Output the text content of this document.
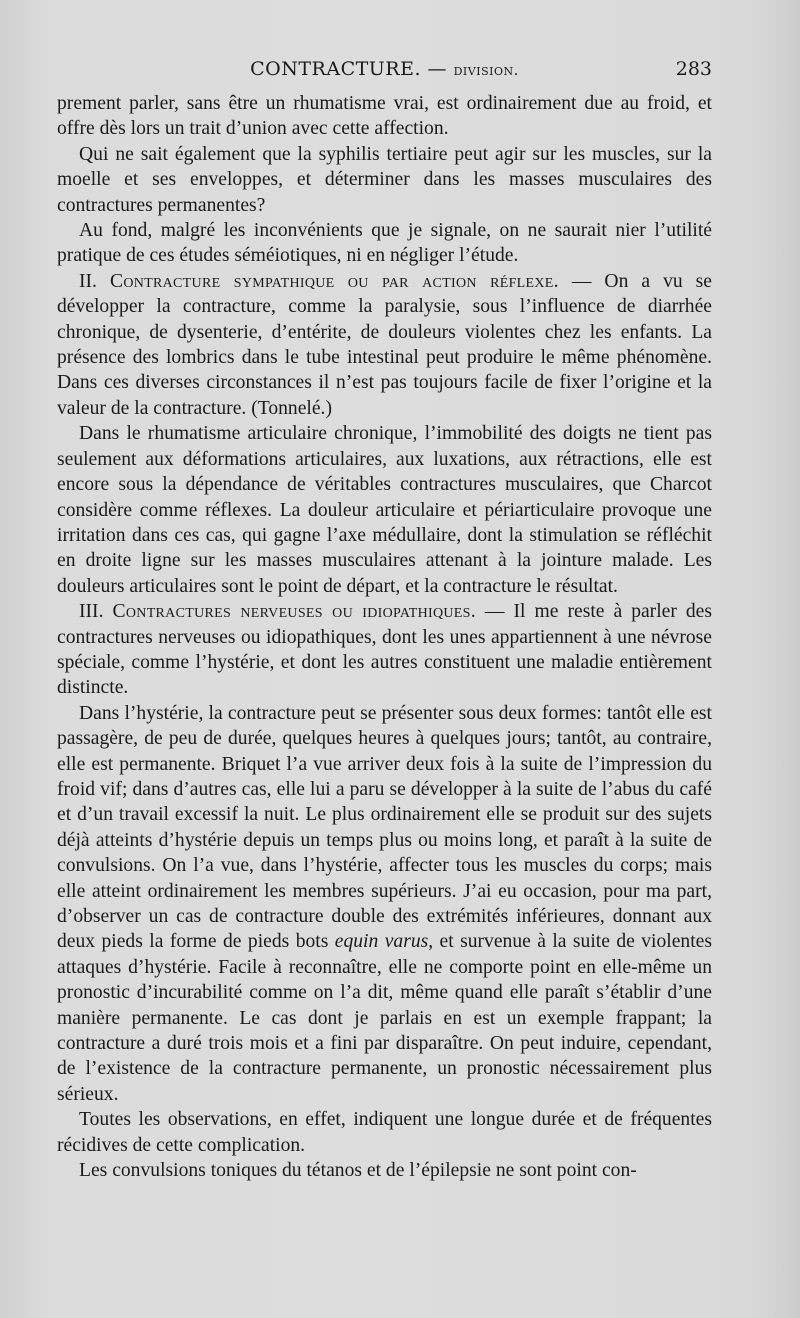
CONTRACTURE. — division.	283

prement parler, sans être un rhumatisme vrai, est ordinairement due au froid, et offre dès lors un trait d’union avec cette affection.

Qui ne sait également que la syphilis tertiaire peut agir sur les muscles, sur la moelle et ses enveloppes, et déterminer dans les masses musculaires des contractures permanentes?

Au fond, malgré les inconvénients que je signale, on ne saurait nier l’utilité pratique de ces études séméiotiques, ni en négliger l’étude.

II. Contracture sympathique ou par action réflexe. — On a vu se développer la contracture, comme la paralysie, sous l’influence de diarrhée chronique, de dysenterie, d’entérite, de douleurs violentes chez les enfants. La présence des lombrics dans le tube intestinal peut produire le même phénomène. Dans ces diverses circonstances il n’est pas toujours facile de fixer l’origine et la valeur de la contracture. (Tonnelé.)

Dans le rhumatisme articulaire chronique, l’immobilité des doigts ne tient pas seulement aux déformations articulaires, aux luxations, aux rétractions, elle est encore sous la dépendance de véritables contractures musculaires, que Charcot considère comme réflexes. La douleur articulaire et périarticulaire provoque une irritation dans ces cas, qui gagne l’axe médullaire, dont la stimulation se réfléchit en droite ligne sur les masses musculaires attenant à la jointure malade. Les douleurs articulaires sont le point de départ, et la contracture le résultat.

III. Contractures nerveuses ou idiopathiques. — Il me reste à parler des contractures nerveuses ou idiopathiques, dont les unes appartiennent à une névrose spéciale, comme l’hystérie, et dont les autres constituent une maladie entièrement distincte.

Dans l’hystérie, la contracture peut se présenter sous deux formes: tantôt elle est passagère, de peu de durée, quelques heures à quelques jours; tantôt, au contraire, elle est permanente. Briquet l’a vue arriver deux fois à la suite de l’impression du froid vif; dans d’autres cas, elle lui a paru se développer à la suite de l’abus du café et d’un travail excessif la nuit. Le plus ordinairement elle se produit sur des sujets déjà atteints d’hystérie depuis un temps plus ou moins long, et paraît à la suite de convulsions. On l’a vue, dans l’hystérie, affecter tous les muscles du corps; mais elle atteint ordinairement les membres supérieurs. J’ai eu occasion, pour ma part, d’observer un cas de contracture double des extrémités inférieures, donnant aux deux pieds la forme de pieds bots equin varus, et survenue à la suite de violentes attaques d’hystérie. Facile à reconnaître, elle ne comporte point en elle-même un pronostic d’incurabilité comme on l’a dit, même quand elle paraît s’établir d’une manière permanente. Le cas dont je parlais en est un exemple frappant; la contracture a duré trois mois et a fini par disparaître. On peut induire, cependant, de l’existence de la contracture permanente, un pronostic nécessairement plus sérieux.

Toutes les observations, en effet, indiquent une longue durée et de fréquentes récidives de cette complication.

Les convulsions toniques du tétanos et de l’épilepsie ne sont point con-
